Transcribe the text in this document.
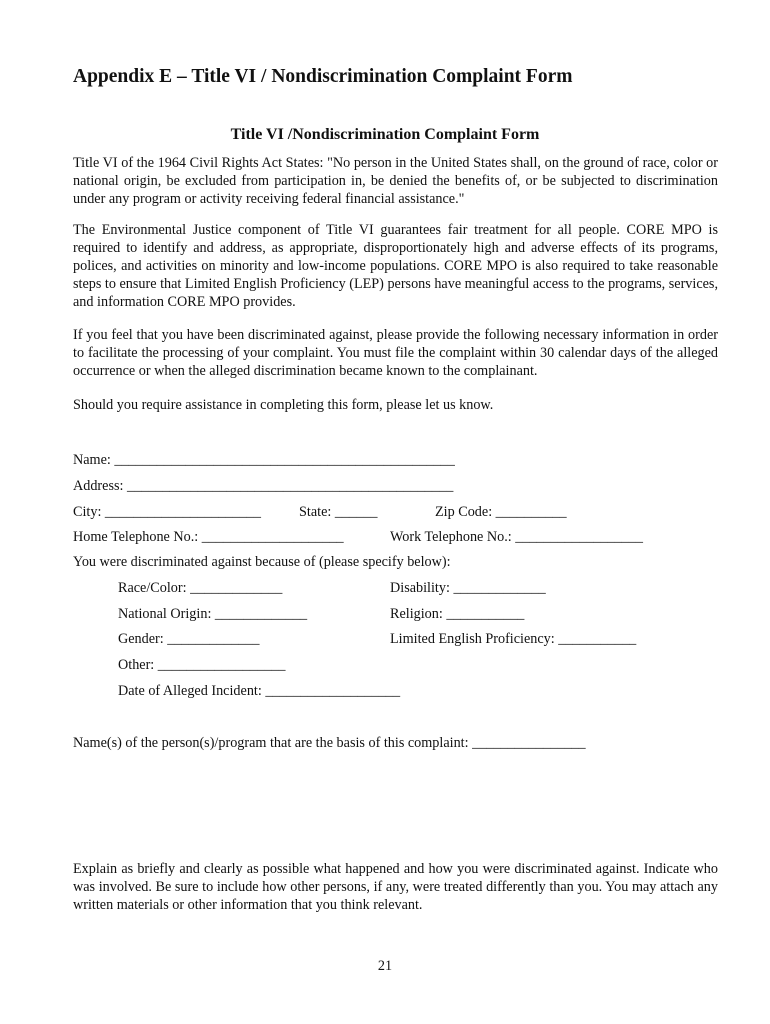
Appendix E – Title VI / Nondiscrimination Complaint Form
Title VI /Nondiscrimination Complaint Form
Title VI of the 1964 Civil Rights Act States: "No person in the United States shall, on the ground of race, color or national origin, be excluded from participation in, be denied the benefits of, or be subjected to discrimination under any program or activity receiving federal financial assistance."
The Environmental Justice component of Title VI guarantees fair treatment for all people. CORE MPO is required to identify and address, as appropriate, disproportionately high and adverse effects of its programs, polices, and activities on minority and low-income populations. CORE MPO is also required to take reasonable steps to ensure that Limited English Proficiency (LEP) persons have meaningful access to the programs, services, and information CORE MPO provides.
If you feel that you have been discriminated against, please provide the following necessary information in order to facilitate the processing of your complaint. You must file the complaint within 30 calendar days of the alleged occurrence or when the alleged discrimination became known to the complainant.
Should you require assistance in completing this form, please let us know.
Name: ________________________________________________
Address: ______________________________________________
City: ______________________	State: ______	Zip Code: __________
Home Telephone No.: ____________________	Work Telephone No.: __________________
You were discriminated against because of (please specify below):
Race/Color: _____________	Disability: _____________
National Origin: _____________	Religion: ___________
Gender: _____________	Limited English Proficiency: ___________
Other: __________________
Date of Alleged Incident: ___________________
Name(s) of the person(s)/program that are the basis of this complaint: ________________
Explain as briefly and clearly as possible what happened and how you were discriminated against. Indicate who was involved. Be sure to include how other persons, if any, were treated differently than you. You may attach any written materials or other information that you think relevant.
21
